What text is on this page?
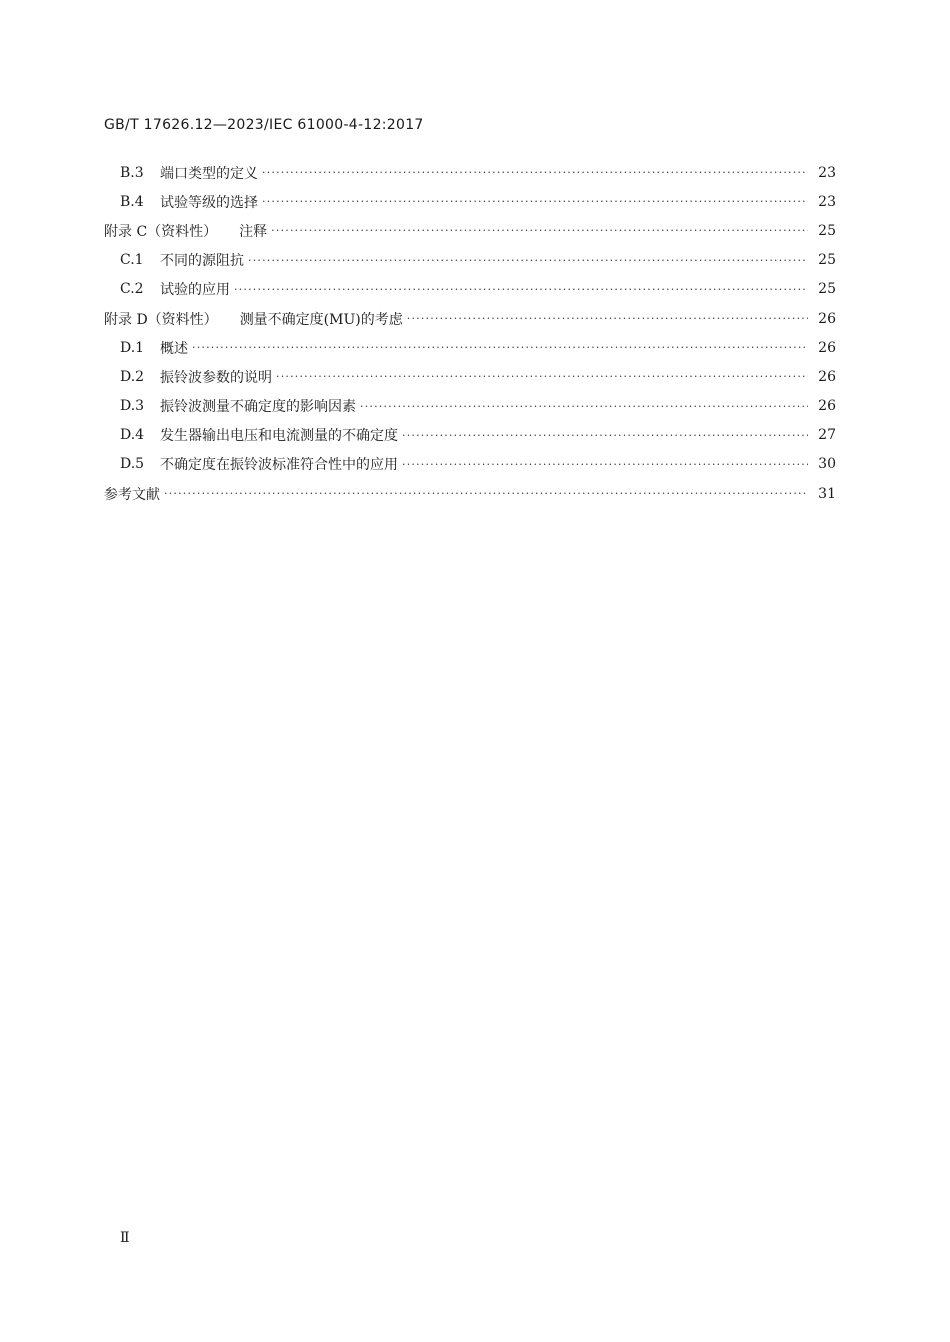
GB/T 17626.12—2023/IEC 61000-4-12:2017
B.3	端口类型的定义 ·····	23
B.4	试验等级的选择 ·····	23
附录 C（资料性） 注释 ·····	25
C.1	不同的源阻抗 ·····	25
C.2	试验的应用 ·····	25
附录 D（资料性） 测量不确定度(MU)的考虑 ·····	26
D.1	概述 ·····	26
D.2	振铃波参数的说明 ·····	26
D.3	振铃波测量不确定度的影响因素 ·····	26
D.4	发生器输出电压和电流测量的不确定度 ·····	27
D.5	不确定度在振铃波标准符合性中的应用 ·····	30
参考文献 ·····	31
Ⅱ
